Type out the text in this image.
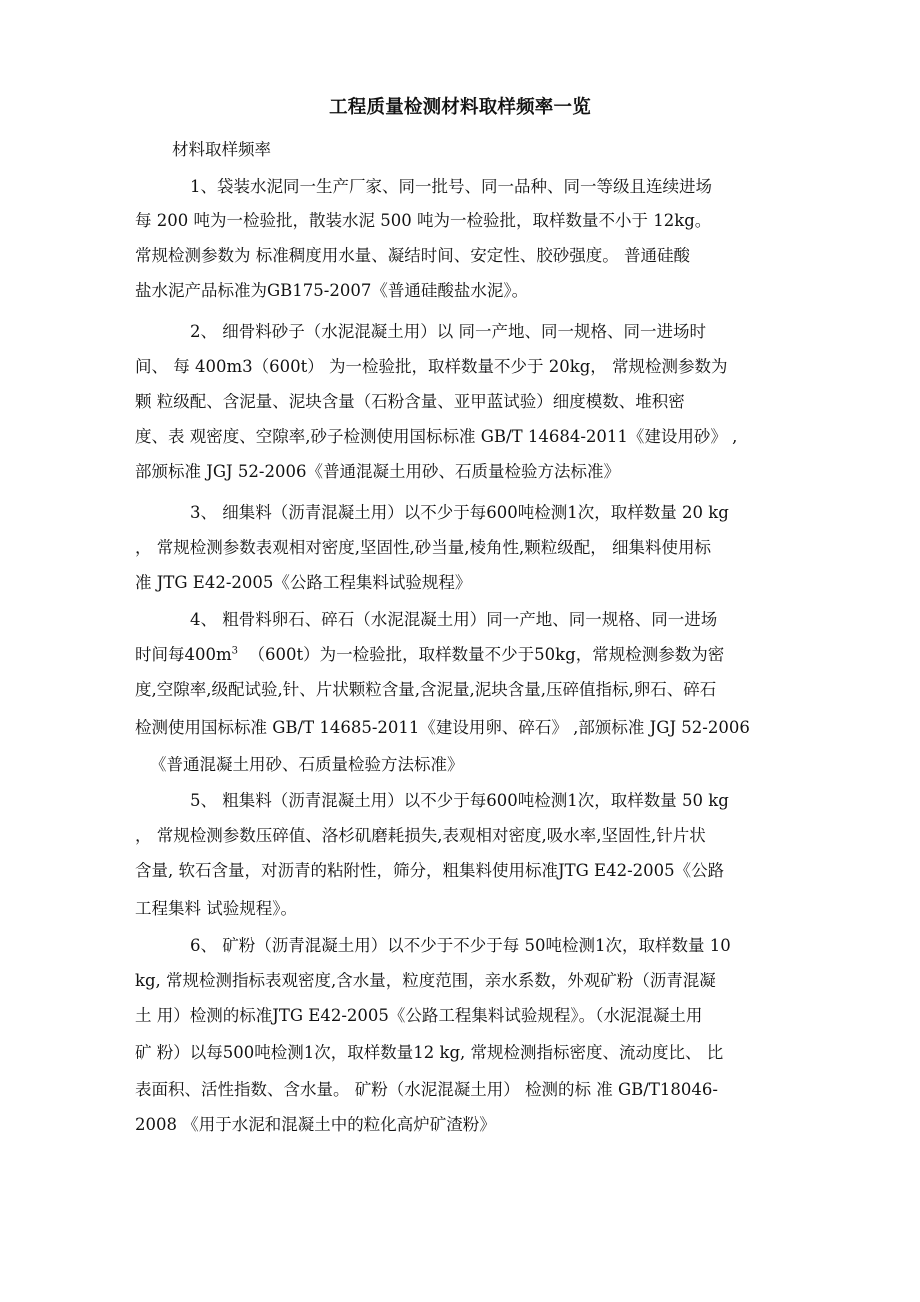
工程质量检测材料取样频率一览
材料取样频率
1、袋装水泥同一生产厂家、同一批号、同一品种、同一等级且连续进场
每 200 吨为一检验批，散装水泥 500 吨为一检验批，取样数量不小于 12kg。
常规检测参数为 标准稠度用水量、凝结时间、安定性、胶砂强度。 普通硅酸
盐水泥产品标准为GB175-2007《普通硅酸盐水泥》。
2、 细骨料砂子（水泥混凝土用）以 同一产地、同一规格、同一进场时
间、 每 400m3（600t） 为一检验批，取样数量不少于 20kg， 常规检测参数为
颗 粒级配、含泥量、泥块含量（石粉含量、亚甲蓝试验）细度模数、堆积密
度、表 观密度、空隙率,砂子检测使用国标标准 GB/T 14684-2011《建设用砂》 ,
部颁标准 JGJ 52-2006《普通混凝土用砂、石质量检验方法标准》
3、 细集料（沥青混凝土用）以不少于每600吨检测1次，取样数量 20 kg
， 常规检测参数表观相对密度,坚固性,砂当量,棱角性,颗粒级配， 细集料使用标
准 JTG E42-2005《公路工程集料试验规程》
4、 粗骨料卵石、碎石（水泥混凝土用）同一产地、同一规格、同一进场
时间每$400m^3$ （600t）为一检验批，取样数量不少于50kg，常规检测参数为密
度,空隙率,级配试验,针、片状颗粒含量,含泥量,泥块含量,压碎值指标,卵石、碎石
检测使用国标标准 GB/T 14685-2011《建设用卵、碎石》 ,部颁标准 JGJ 52-2006
《普通混凝土用砂、石质量检验方法标准》
5、 粗集料（沥青混凝土用）以不少于每600吨检测1次，取样数量 50 kg
， 常规检测参数压碎值、洛杉矶磨耗损失,表观相对密度,吸水率,坚固性,针片状
含量, 软石含量，对沥青的粘附性，筛分，粗集料使用标准JTG E42-2005《公路
工程集料 试验规程》。
6、 矿粉（沥青混凝土用）以不少于不少于每 50吨检测1次，取样数量 10
kg, 常规检测指标表观密度,含水量，粒度范围，亲水系数，外观矿粉（沥青混凝
土 用）检测的标准JTG E42-2005《公路工程集料试验规程》。（水泥混凝土用
矿 粉）以每500吨检测1次，取样数量12 kg, 常规检测指标密度、流动度比、 比
表面积、活性指数、含水量。 矿粉（水泥混凝土用） 检测的标 准 GB/T18046-
2008 《用于水泥和混凝土中的粒化高炉矿渣粉》
